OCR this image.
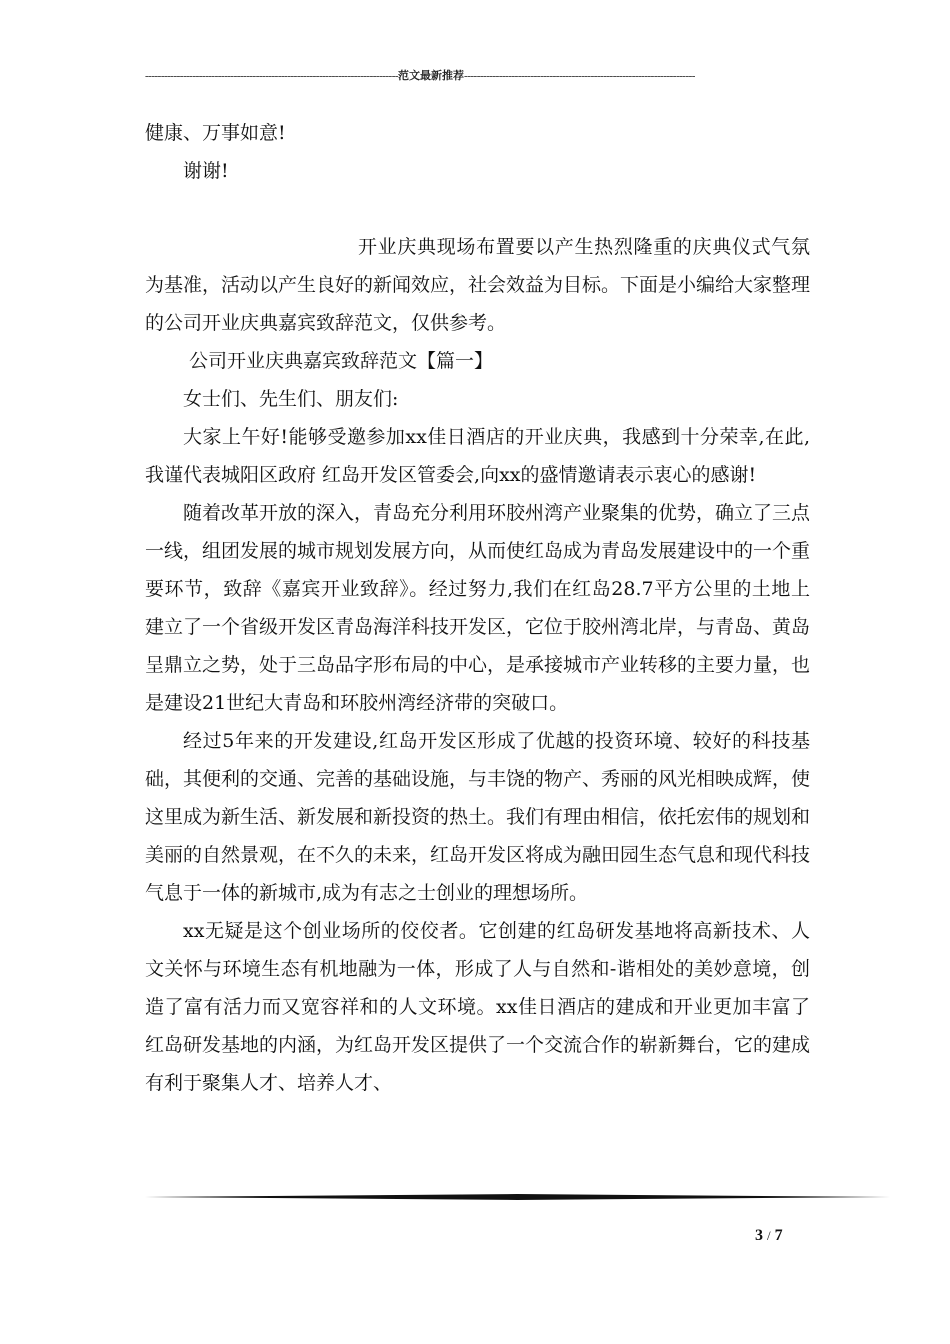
--------------------------------------------------------------------------------范文最新推荐-------------------------------------------------------------------------

健康、万事如意!

谢谢!

开业庆典现场布置要以产生热烈隆重的庆典仪式气氛为基准，活动以产生良好的新闻效应，社会效益为目标。下面是小编给大家整理的公司开业庆典嘉宾致辞范文，仅供参考。

公司开业庆典嘉宾致辞范文【篇一】

女士们、先生们、朋友们:

大家上午好!能够受邀参加xx佳日酒店的开业庆典，我感到十分荣幸,在此,我谨代表城阳区政府 红岛开发区管委会,向xx的盛情邀请表示衷心的感谢!

随着改革开放的深入，青岛充分利用环胶州湾产业聚集的优势，确立了三点一线，组团发展的城市规划发展方向，从而使红岛成为青岛发展建设中的一个重要环节，致辞《嘉宾开业致辞》。经过努力,我们在红岛28.7平方公里的土地上建立了一个省级开发区青岛海洋科技开发区，它位于胶州湾北岸，与青岛、黄岛呈鼎立之势，处于三岛品字形布局的中心，是承接城市产业转移的主要力量，也是建设21世纪大青岛和环胶州湾经济带的突破口。

经过5年来的开发建设,红岛开发区形成了优越的投资环境、较好的科技基础，其便利的交通、完善的基础设施，与丰饶的物产、秀丽的风光相映成辉，使这里成为新生活、新发展和新投资的热土。我们有理由相信，依托宏伟的规划和美丽的自然景观，在不久的未来，红岛开发区将成为融田园生态气息和现代科技气息于一体的新城市,成为有志之士创业的理想场所。

xx无疑是这个创业场所的佼佼者。它创建的红岛研发基地将高新技术、人文关怀与环境生态有机地融为一体，形成了人与自然和-谐相处的美妙意境，创造了富有活力而又宽容祥和的人文环境。xx佳日酒店的建成和开业更加丰富了红岛研发基地的内涵，为红岛开发区提供了一个交流合作的崭新舞台，它的建成有利于聚集人才、培养人才、

3 / 7
